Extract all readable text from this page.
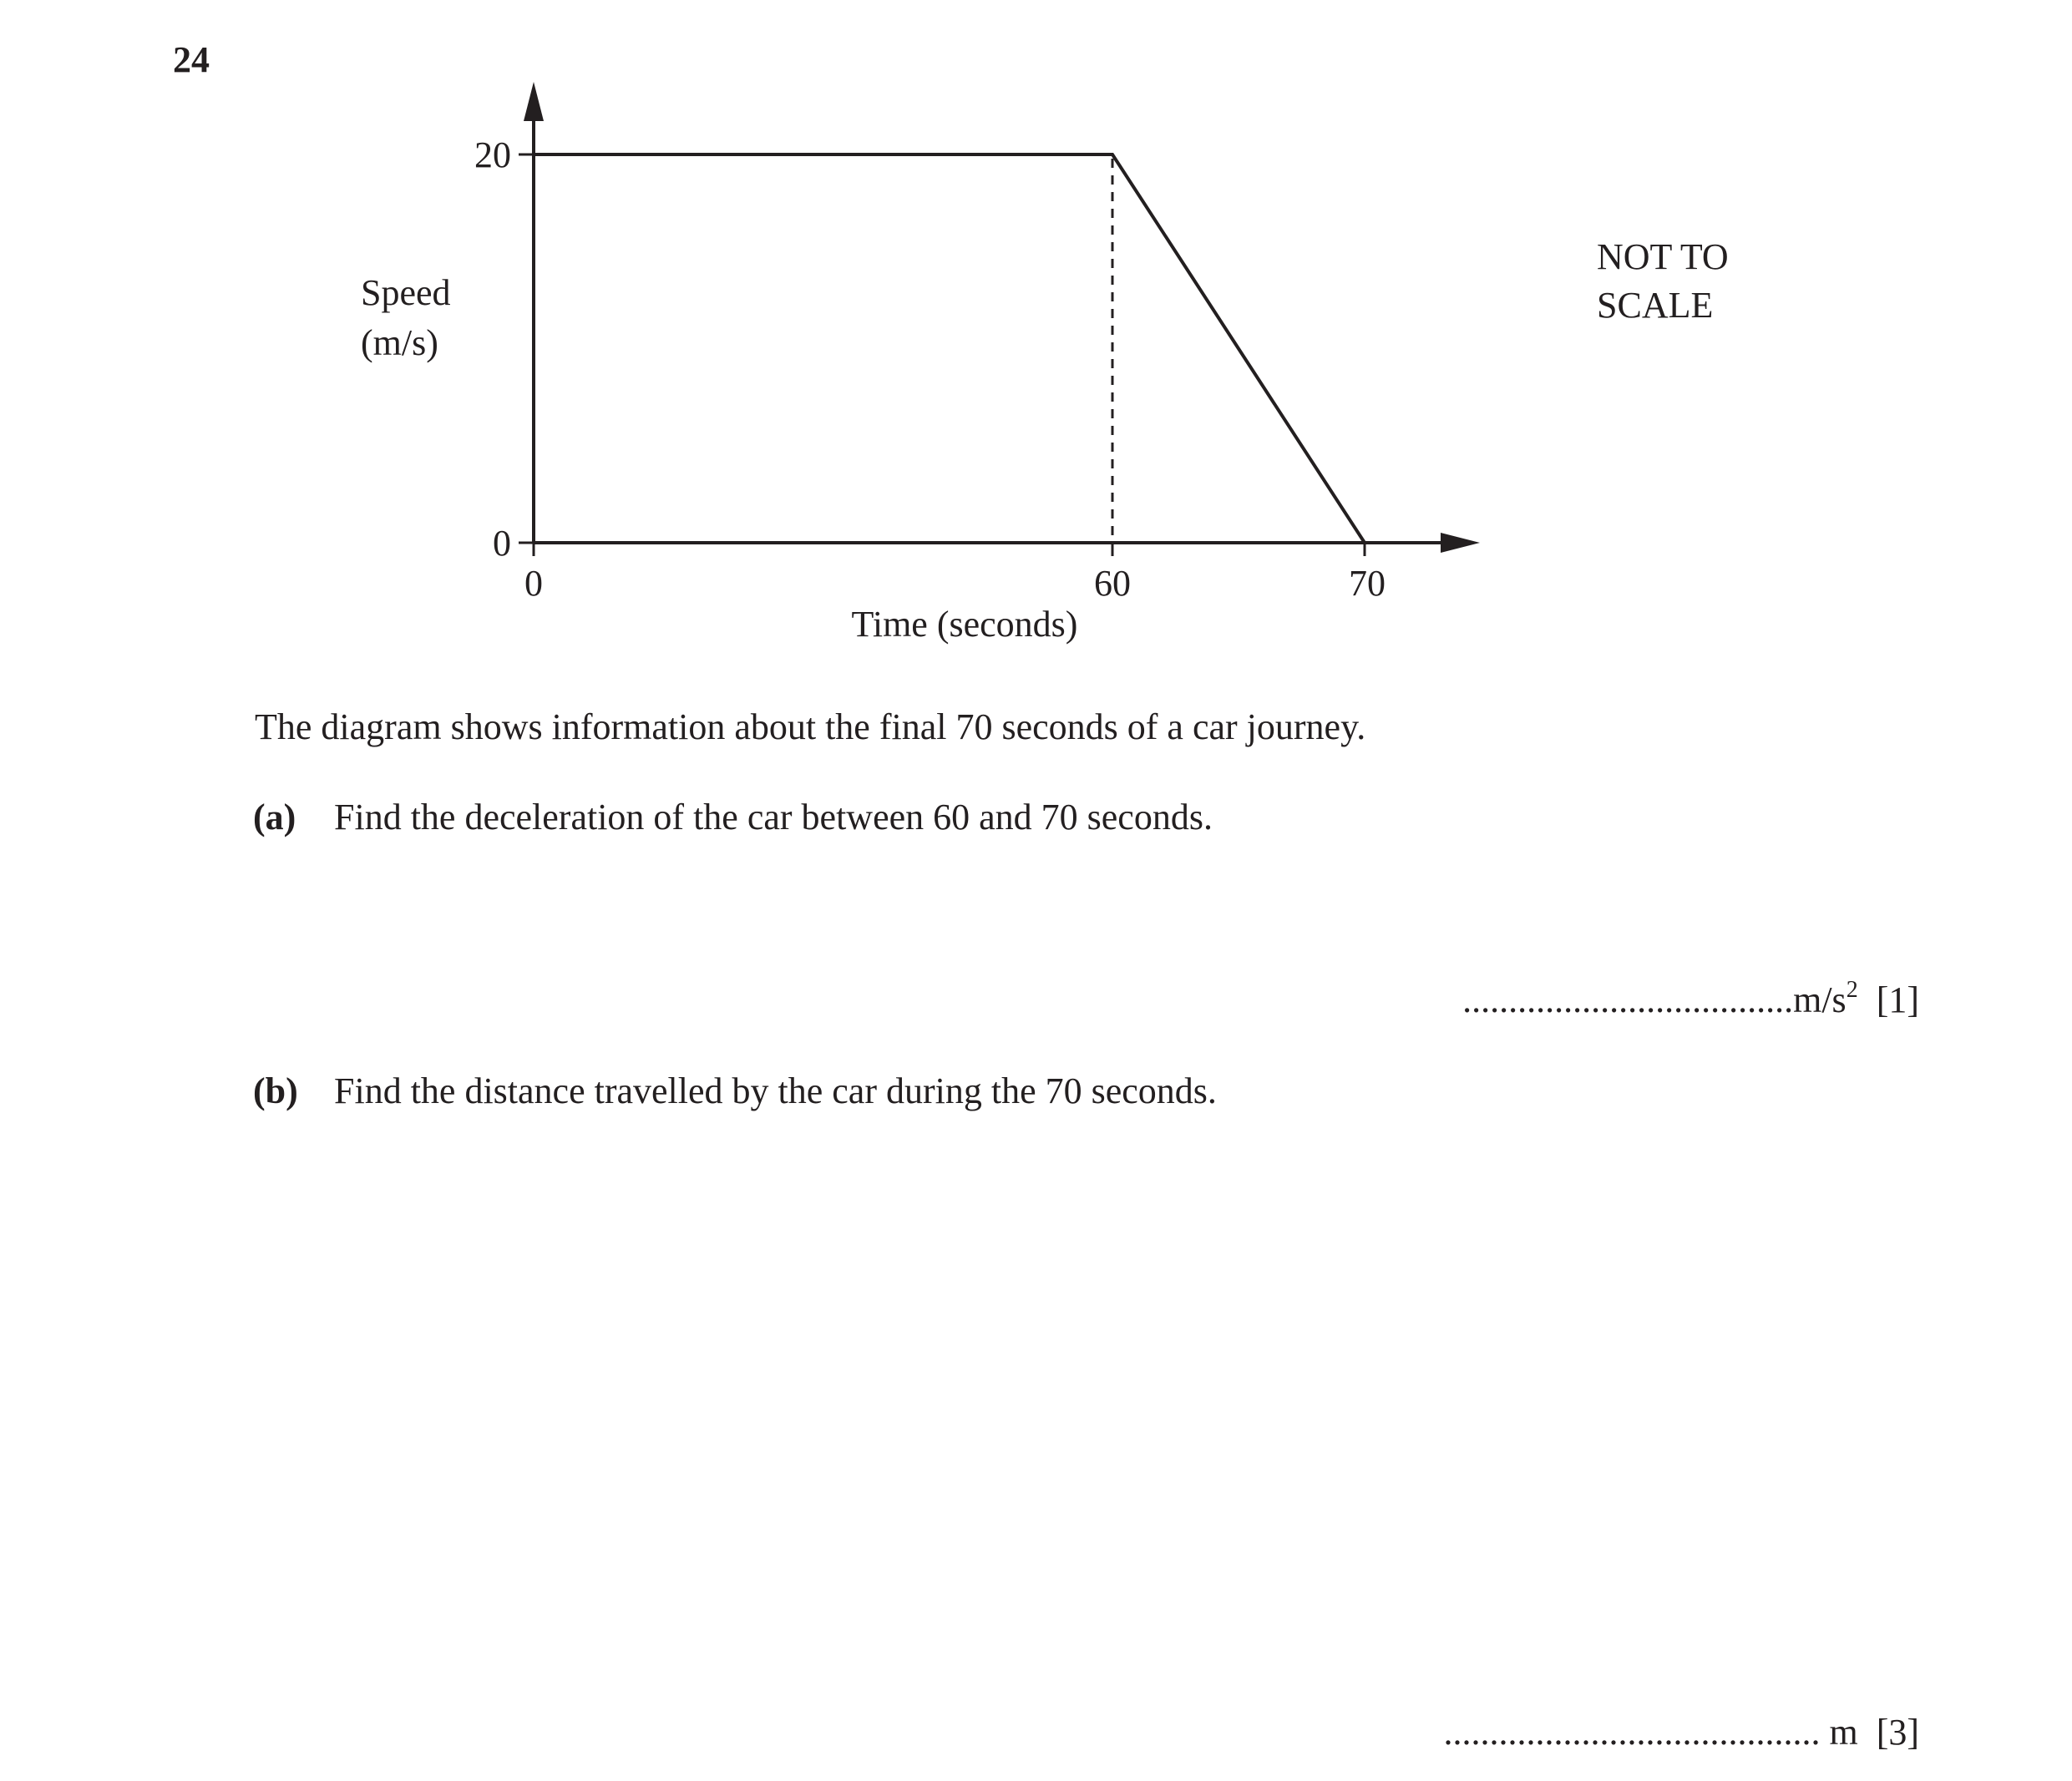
24
20
0
0	60	70
Time (seconds)
Speed
(m/s)
NOT TO
SCALE
The diagram shows information about the final 70 seconds of a car journey.
(a) Find the deceleration of the car between 60 and 70 seconds.
$....................................m/s^2$ [1]
(b) Find the distance travelled by the car during the 70 seconds.
......................................... m [3]
